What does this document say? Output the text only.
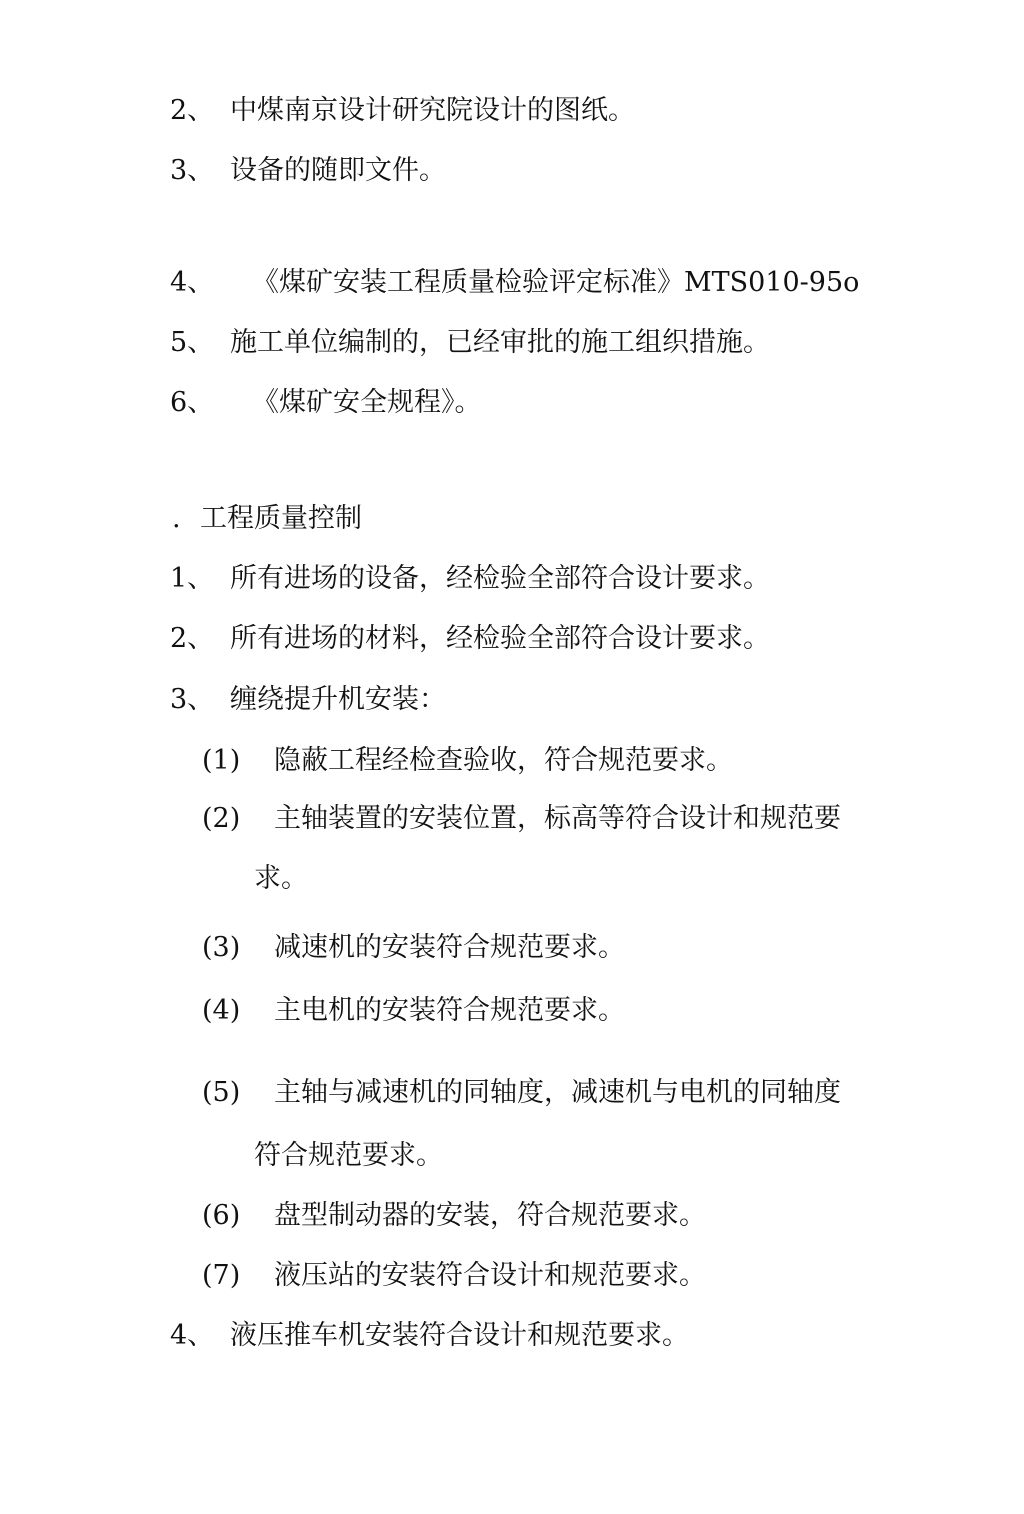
2、 中煤南京设计研究院设计的图纸。
3、 设备的随即文件。
4、 《煤矿安装工程质量检验评定标准》MTS010-95o
5、 施工单位编制的，已经审批的施工组织措施。
6、 《煤矿安全规程》。
. 工程质量控制
1、 所有进场的设备，经检验全部符合设计要求。
2、 所有进场的材料，经检验全部符合设计要求。
3、 缠绕提升机安装：
(1) 隐蔽工程经检查验收，符合规范要求。
(2) 主轴装置的安装位置，标高等符合设计和规范要
求。
(3) 减速机的安装符合规范要求。
(4) 主电机的安装符合规范要求。
(5) 主轴与减速机的同轴度，减速机与电机的同轴度
符合规范要求。
(6) 盘型制动器的安装，符合规范要求。
(7) 液压站的安装符合设计和规范要求。
4、 液压推车机安装符合设计和规范要求。
